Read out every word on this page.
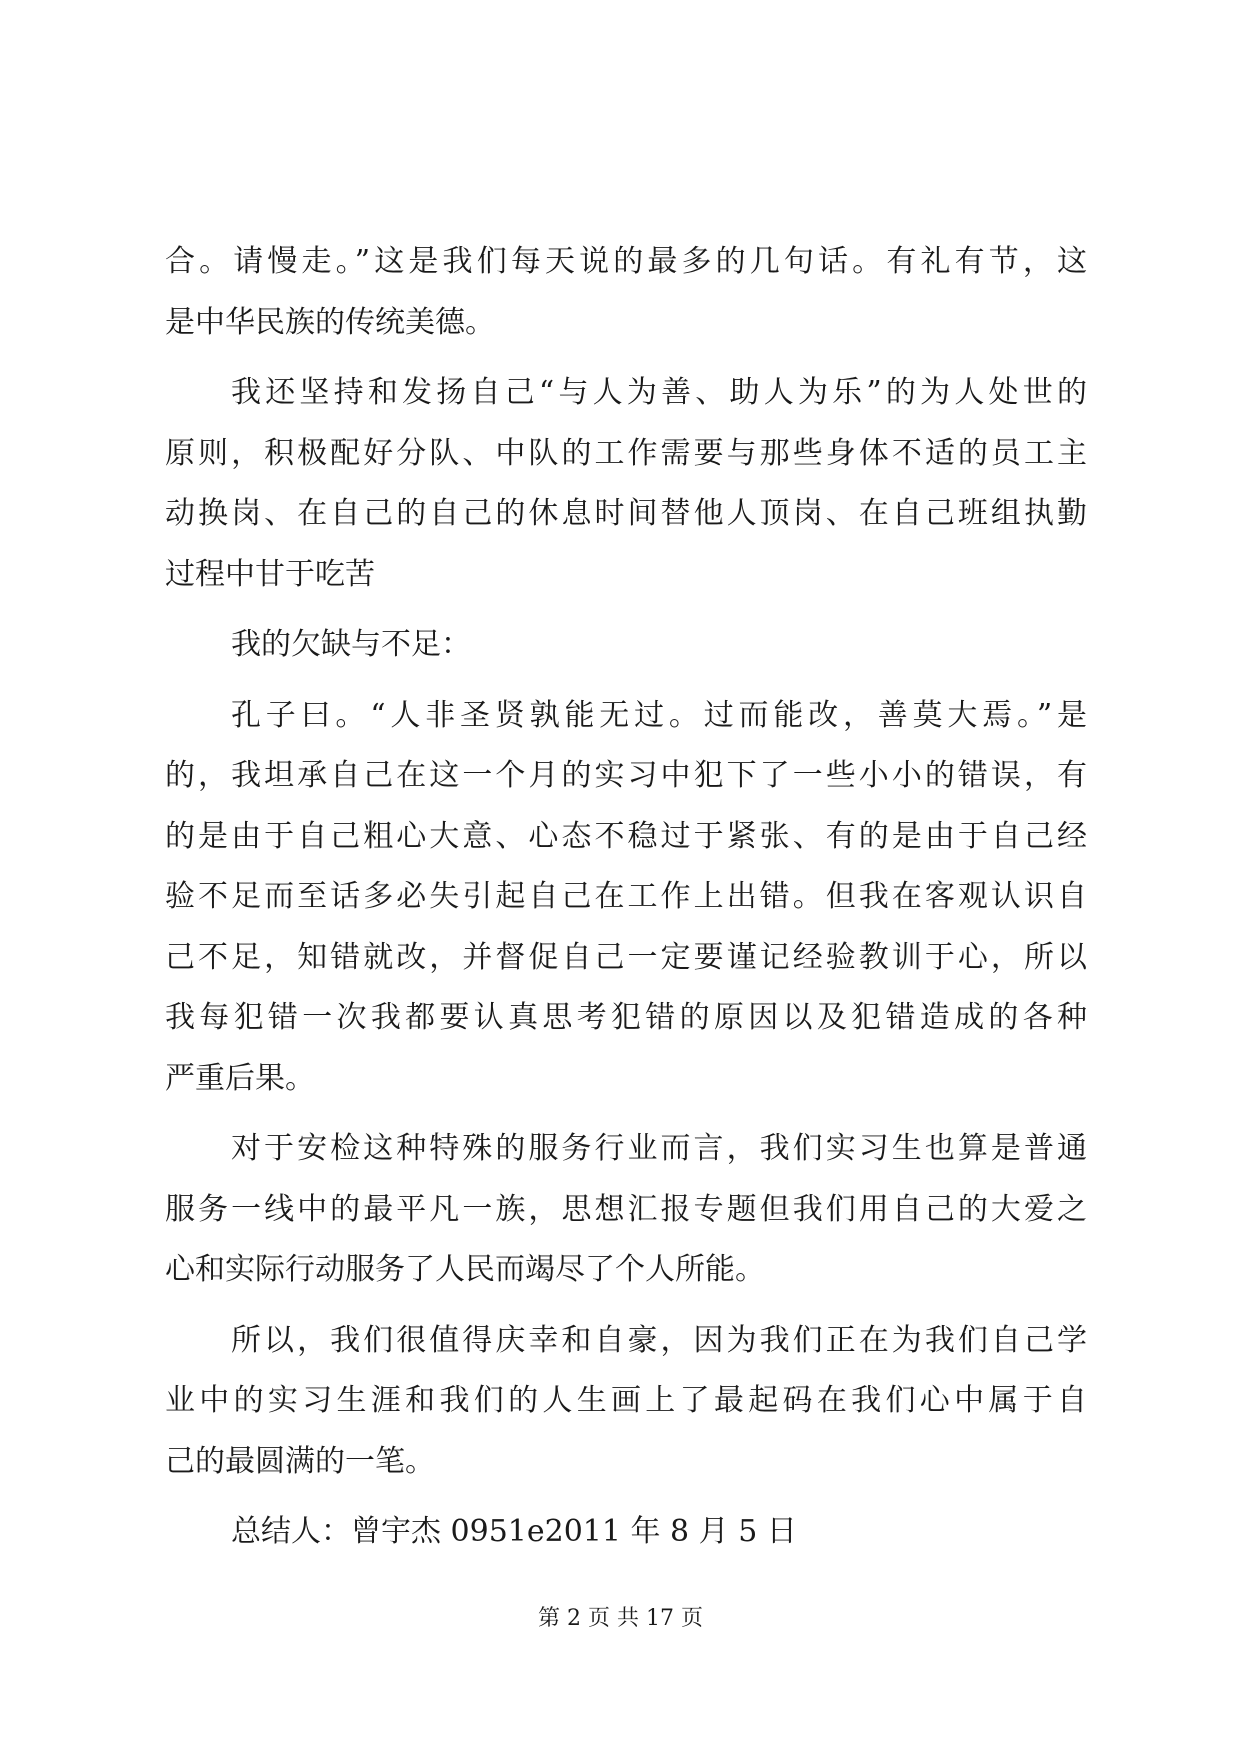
合。请慢走。”这是我们每天说的最多的几句话。有礼有节，这
是中华民族的传统美德。
我还坚持和发扬自己“与人为善、助人为乐”的为人处世的
原则，积极配好分队、中队的工作需要与那些身体不适的员工主
动换岗、在自己的自己的休息时间替他人顶岗、在自己班组执勤
过程中甘于吃苦
我的欠缺与不足：
孔子曰。“人非圣贤孰能无过。过而能改，善莫大焉。”是
的，我坦承自己在这一个月的实习中犯下了一些小小的错误，有
的是由于自己粗心大意、心态不稳过于紧张、有的是由于自己经
验不足而至话多必失引起自己在工作上出错。但我在客观认识自
己不足，知错就改，并督促自己一定要谨记经验教训于心，所以
我每犯错一次我都要认真思考犯错的原因以及犯错造成的各种
严重后果。
对于安检这种特殊的服务行业而言，我们实习生也算是普通
服务一线中的最平凡一族，思想汇报专题但我们用自己的大爱之
心和实际行动服务了人民而竭尽了个人所能。
所以，我们很值得庆幸和自豪，因为我们正在为我们自己学
业中的实习生涯和我们的人生画上了最起码在我们心中属于自
己的最圆满的一笔。
总结人：曾宇杰 0951e2011 年 8 月 5 日
第 2 页 共 17 页
